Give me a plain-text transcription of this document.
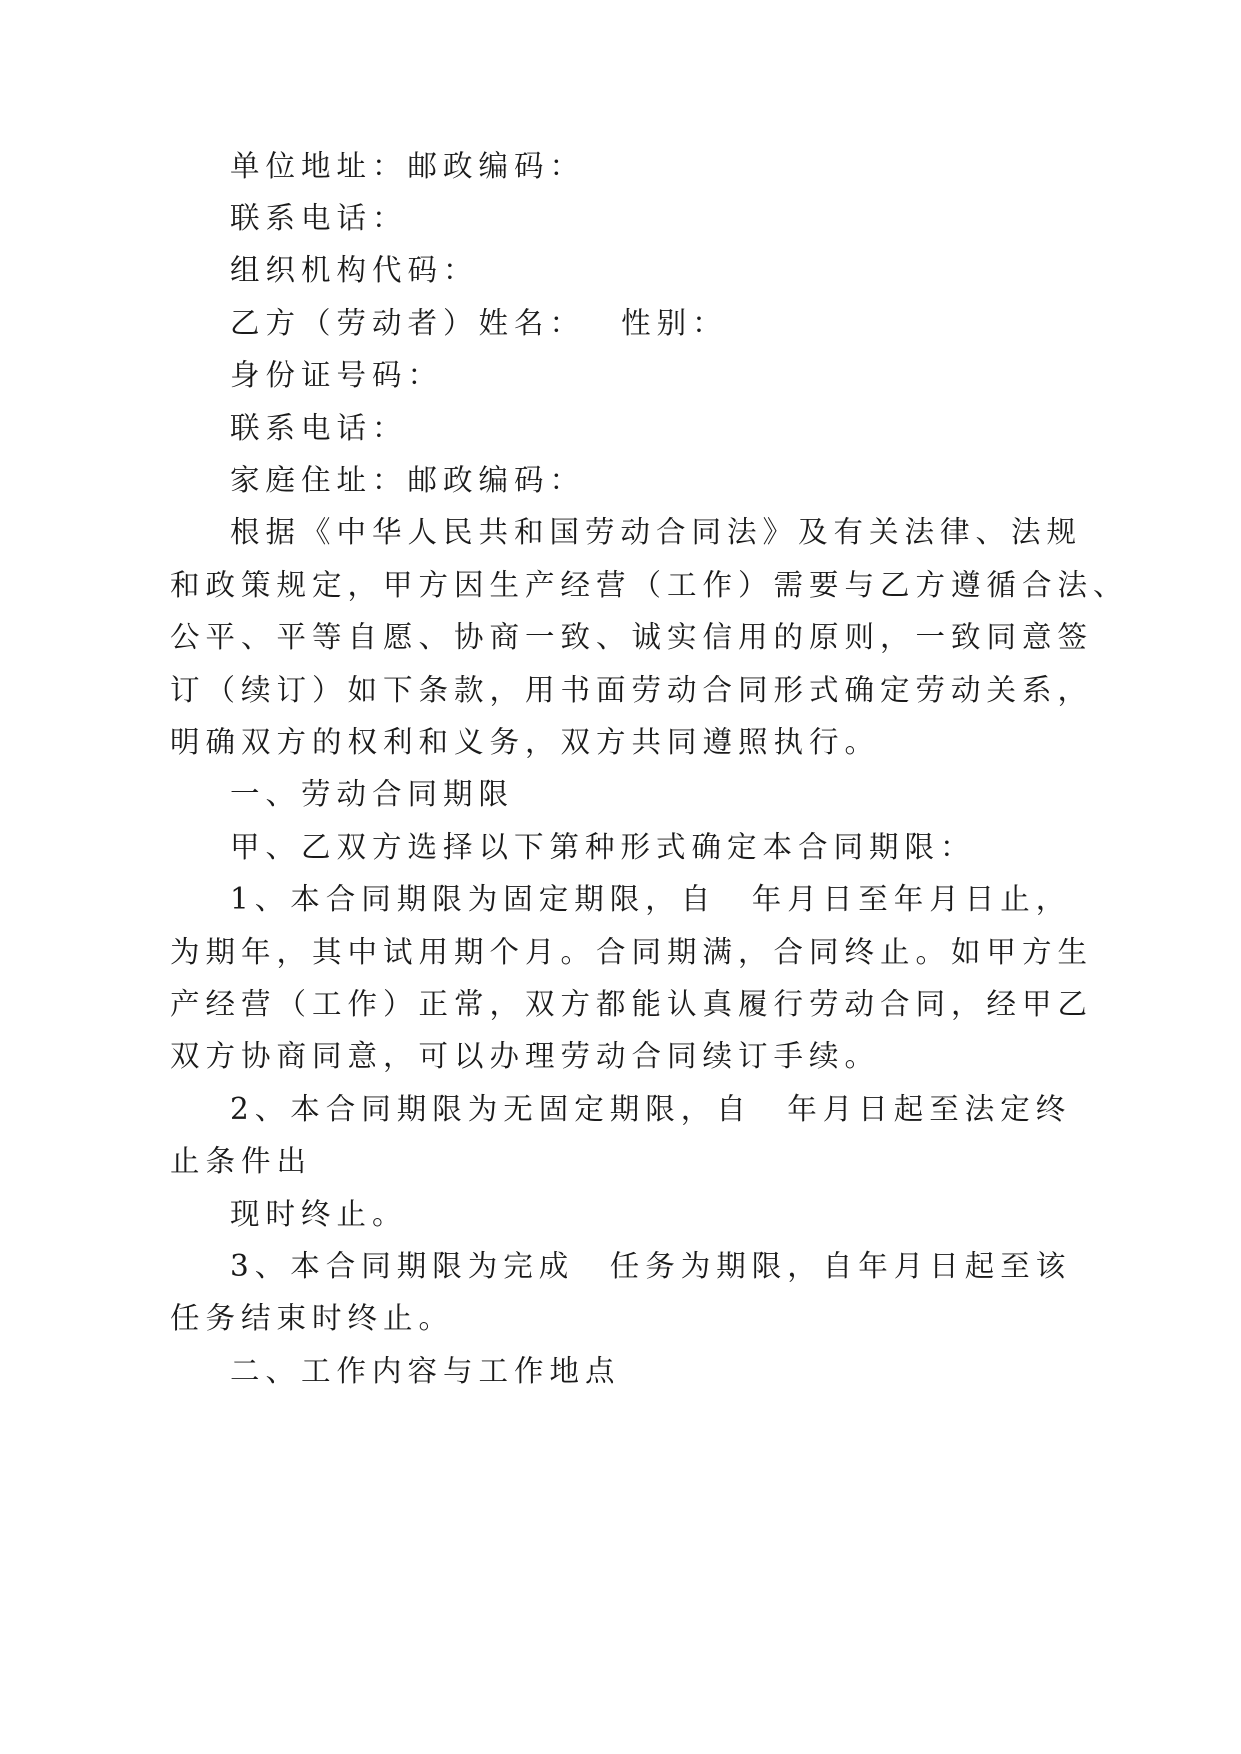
单位地址：邮政编码：
联系电话：
组织机构代码：
乙方（劳动者）姓名：　 性别：
身份证号码：
联系电话：
家庭住址：邮政编码：
根据《中华人民共和国劳动合同法》及有关法律、法规
和政策规定，甲方因生产经营（工作）需要与乙方遵循合法、
公平、平等自愿、协商一致、诚实信用的原则，一致同意签
订（续订）如下条款，用书面劳动合同形式确定劳动关系，
明确双方的权利和义务，双方共同遵照执行。
一、劳动合同期限
甲、乙双方选择以下第种形式确定本合同期限：
1、本合同期限为固定期限，自　年月日至年月日止，
为期年，其中试用期个月。合同期满，合同终止。如甲方生
产经营（工作）正常，双方都能认真履行劳动合同，经甲乙
双方协商同意，可以办理劳动合同续订手续。
2、本合同期限为无固定期限，自　年月日起至法定终
止条件出
现时终止。
3、本合同期限为完成　任务为期限，自年月日起至该
任务结束时终止。
二、工作内容与工作地点
